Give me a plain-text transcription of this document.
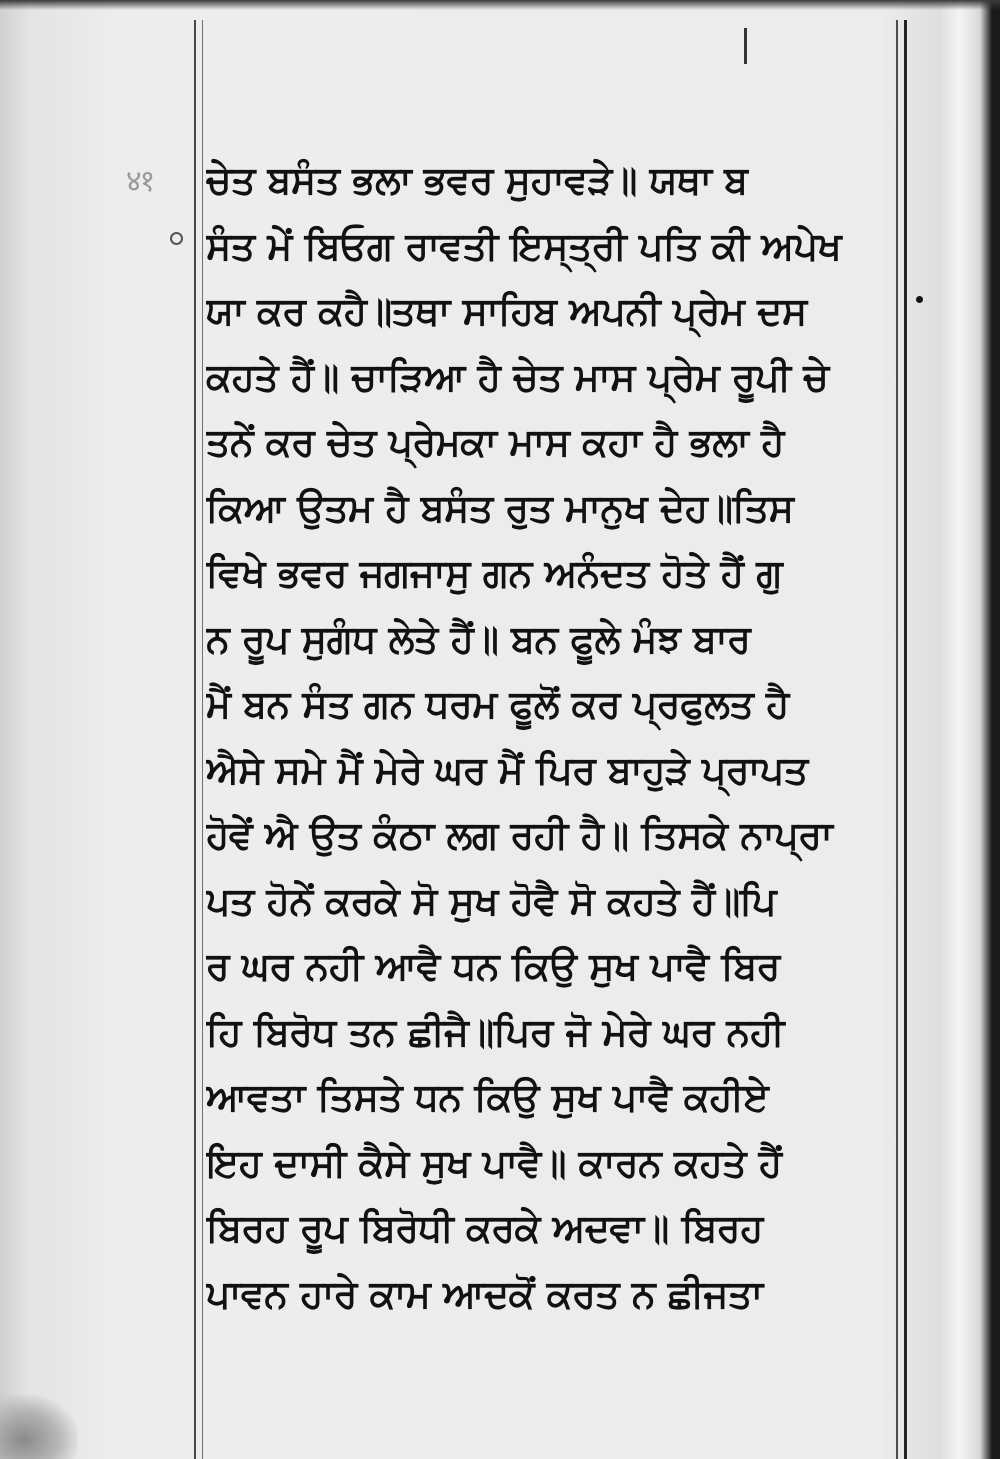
४१	ਚੇਤ ਬਸੰਤ ਭਲਾ ਭਵਰ ਸੁਹਾਵੜੇ॥ ਯਥਾ ਬ
ਸੰਤ ਮੇਂ ਬਿਓਗ ਰਾਵਤੀ ਇਸ੍ਤ੍ਰੀ ਪਤਿ ਕੀ ਅਪੇਖ
ਯਾ ਕਰ ਕਹੈ॥ਤਥਾ ਸਾਹਿਬ ਅਪਨੀ ਪ੍ਰੇਮ ਦਸ
ਕਹਤੇ ਹੈਂ॥ ਚਾੜਿਆ ਹੈ ਚੇਤ ਮਾਸ ਪ੍ਰੇਮ ਰੂਪੀ ਚੇ
ਤਨੇਂ ਕਰ ਚੇਤ ਪ੍ਰੇਮਕਾ ਮਾਸ ਕਹਾ ਹੈ ਭਲਾ ਹੈ
ਕਿਆ ਉਤਮ ਹੈ ਬਸੰਤ ਰੁਤ ਮਾਨੁਖ ਦੇਹ॥ਤਿਸ
ਵਿਖੇ ਭਵਰ ਜਗਜਾਸੁ ਗਨ ਅਨੰਦਤ ਹੋਤੇ ਹੈਂ ਗੁ
ਨ ਰੂਪ ਸੁਗੰਧ ਲੇਤੇ ਹੈਂ॥ ਬਨ ਫੂਲੇ ਮੰਝ ਬਾਰ
ਮੈਂ ਬਨ ਸੰਤ ਗਨ ਧਰਮ ਫੂਲੋਂ ਕਰ ਪ੍ਰਫੁਲਤ ਹੈ
ਐਸੇ ਸਮੇ ਮੈਂ ਮੇਰੇ ਘਰ ਮੈਂ ਪਿਰ ਬਾਹੁੜੇ ਪ੍ਰਾਪਤ
ਹੋਵੇਂ ਐ ਉਤ ਕੰਠਾ ਲਗ ਰਹੀ ਹੈ॥ ਤਿਸਕੇ ਨਾਪ੍ਰਾ
ਪਤ ਹੋਨੇਂ ਕਰਕੇ ਸੋ ਸੁਖ ਹੋਵੈ ਸੋ ਕਹਤੇ ਹੈਂ॥ਪਿ
ਰ ਘਰ ਨਹੀ ਆਵੈ ਧਨ ਕਿਉ ਸੁਖ ਪਾਵੈ ਬਿਰ
ਹਿ ਬਿਰੋਧ ਤਨ ਛੀਜੈ॥ਪਿਰ ਜੋ ਮੇਰੇ ਘਰ ਨਹੀ
ਆਵਤਾ ਤਿਸਤੇ ਧਨ ਕਿਉ ਸੁਖ ਪਾਵੈ ਕਹੀਏ
ਇਹ ਦਾਸੀ ਕੈਸੇ ਸੁਖ ਪਾਵੈ॥ ਕਾਰਨ ਕਹਤੇ ਹੈਂ
ਬਿਰਹ ਰੂਪ ਬਿਰੋਧੀ ਕਰਕੇ ਅਦਵਾ॥ ਬਿਰਹ
ਪਾਵਨ ਹਾਰੇ ਕਾਮ ਆਦਕੋਂ ਕਰਤ ਨ ਛੀਜਤਾ
